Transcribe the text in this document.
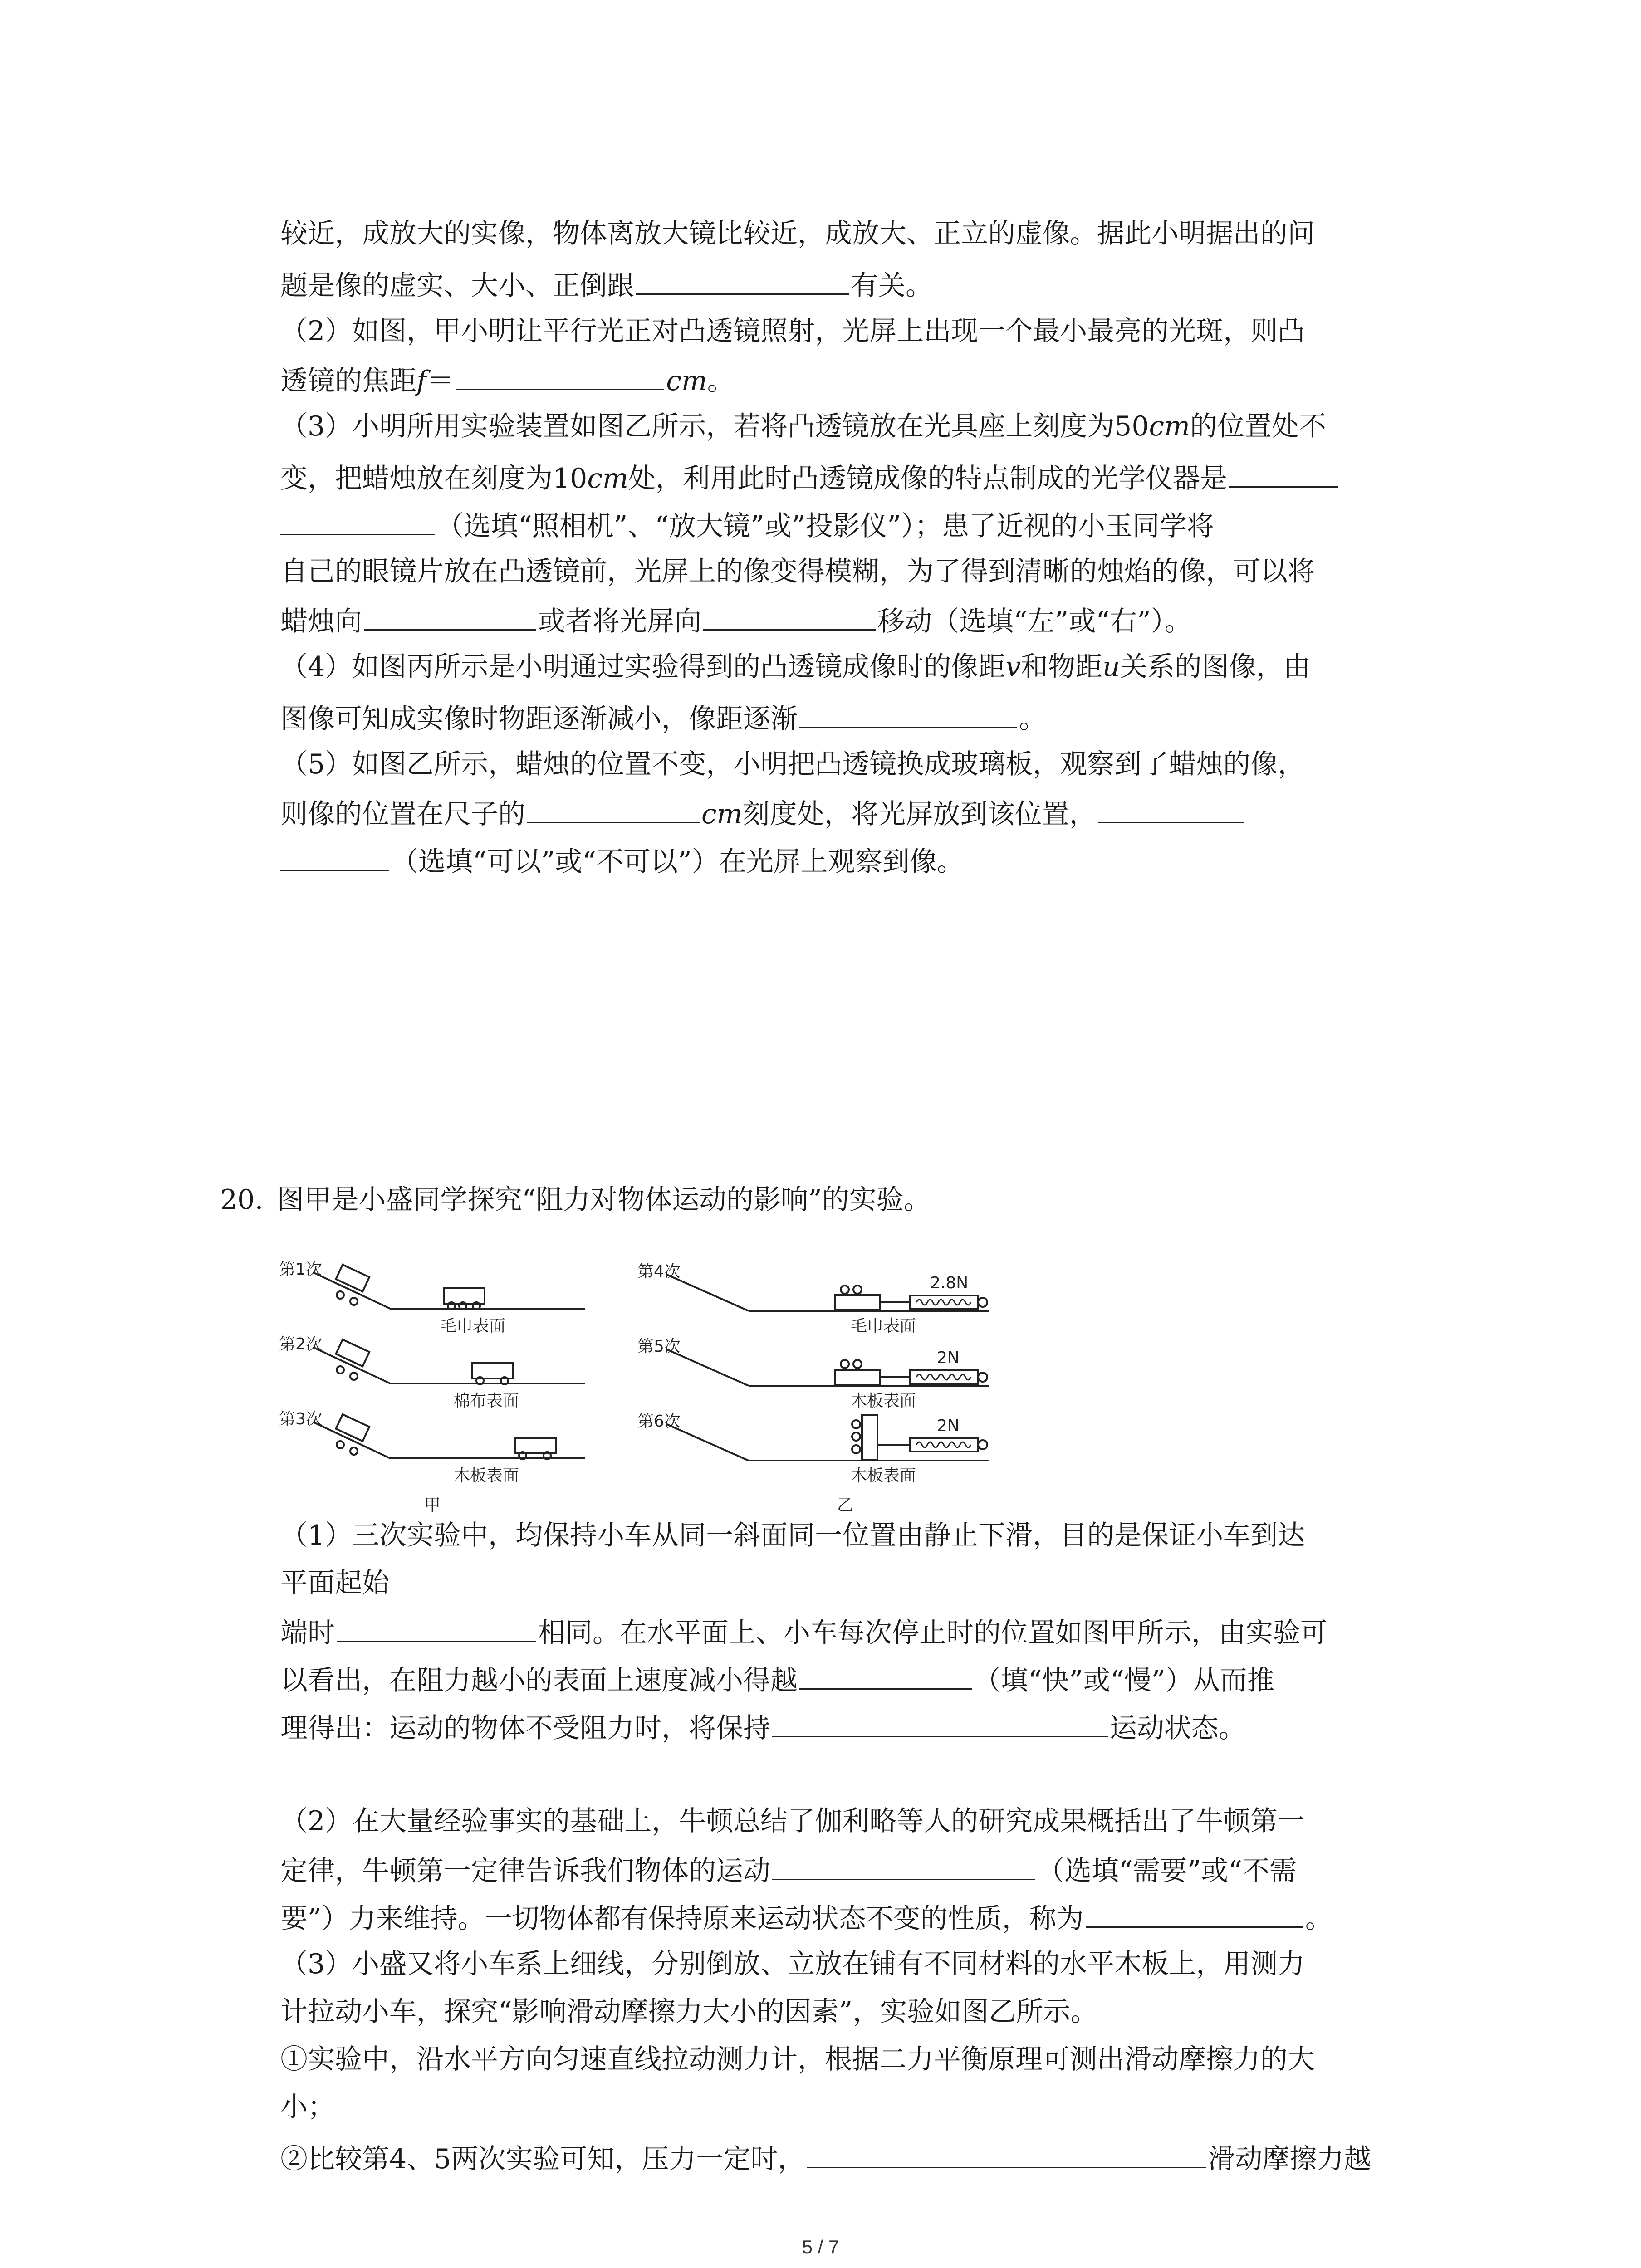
较近，成放大的实像，物体离放大镜比较近，成放大、正立的虚像。据此小明据出的问
题是像的虚实、大小、正倒跟	有关。
（2）如图，甲小明让平行光正对凸透镜照射，光屏上出现一个最小最亮的光斑，则凸
透镜的焦距f＝	cm。
（3）小明所用实验装置如图乙所示，若将凸透镜放在光具座上刻度为50cm的位置处不
变，把蜡烛放在刻度为10cm处，利用此时凸透镜成像的特点制成的光学仪器是
（选填“照相机”、“放大镜”或”投影仪”）；患了近视的小玉同学将
自己的眼镜片放在凸透镜前，光屏上的像变得模糊，为了得到清晰的烛焰的像，可以将
蜡烛向	或者将光屏向	移动（选填“左”或“右”）。
（4）如图丙所示是小明通过实验得到的凸透镜成像时的像距v和物距u关系的图像，由
图像可知成实像时物距逐渐减小，像距逐渐	。
（5）如图乙所示，蜡烛的位置不变，小明把凸透镜换成玻璃板，观察到了蜡烛的像，
则像的位置在尺子的	cm刻度处，将光屏放到该位置，
（选填“可以”或“不可以”）在光屏上观察到像。
20. 图甲是小盛同学探究“阻力对物体运动的影响”的实验。
第1次
第2次
第3次
毛巾表面
棉布表面
木板表面
第4次
第5次
第6次
毛巾表面
木板表面
木板表面
2.8N
2N
2N
甲	乙
（1）三次实验中，均保持小车从同一斜面同一位置由静止下滑，目的是保证小车到达
平面起始
端时	相同。在水平面上、小车每次停止时的位置如图甲所示，由实验可
以看出，在阻力越小的表面上速度减小得越	（填“快”或“慢”）从而推
理得出：运动的物体不受阻力时，将保持	运动状态。
（2）在大量经验事实的基础上，牛顿总结了伽利略等人的研究成果概括出了牛顿第一
定律，牛顿第一定律告诉我们物体的运动	（选填“需要”或“不需
要”）力来维持。一切物体都有保持原来运动状态不变的性质，称为	。
（3）小盛又将小车系上细线，分别倒放、立放在铺有不同材料的水平木板上，用测力
计拉动小车，探究“影响滑动摩擦力大小的因素”，实验如图乙所示。
①实验中，沿水平方向匀速直线拉动测力计，根据二力平衡原理可测出滑动摩擦力的大
小；
②比较第4、5两次实验可知，压力一定时，	滑动摩擦力越
5 / 7
